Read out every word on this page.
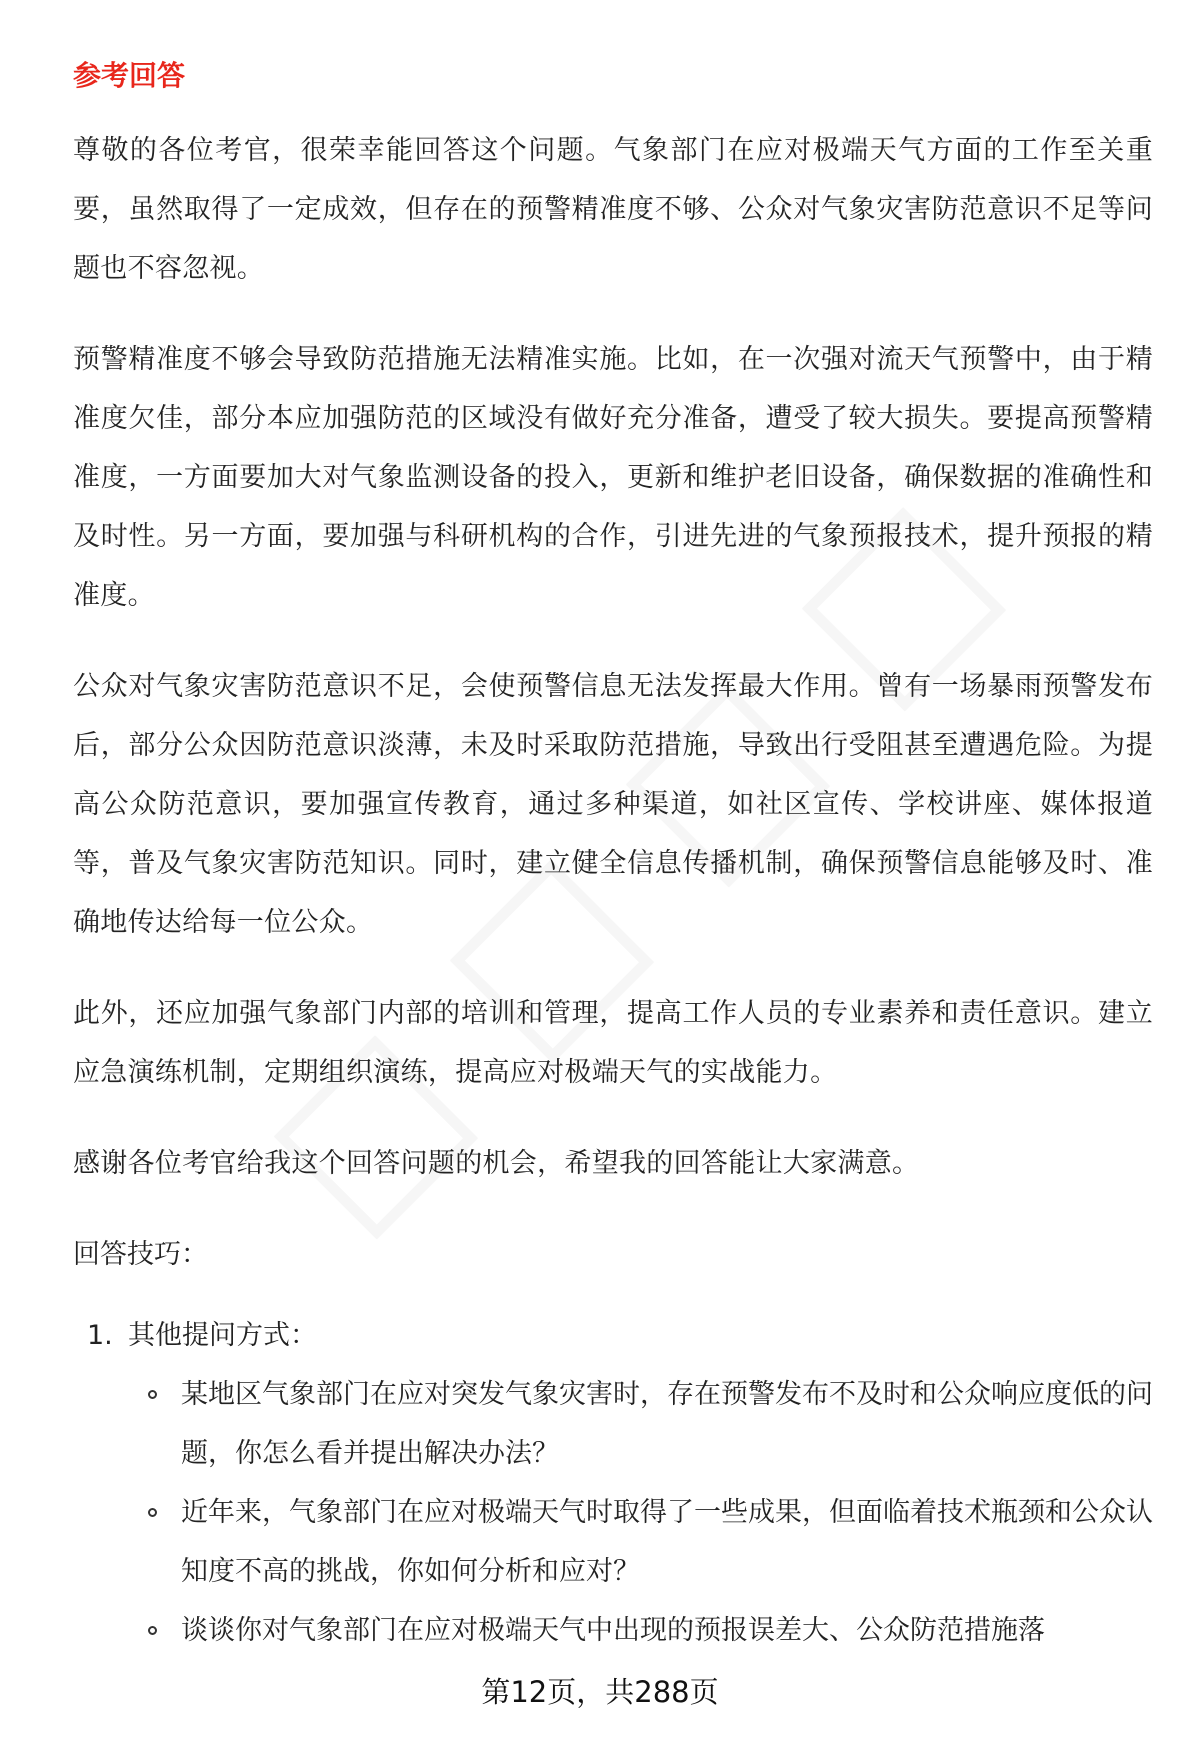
参考回答

尊敬的各位考官，很荣幸能回答这个问题。气象部门在应对极端天气方面的工作至关重要，虽然取得了一定成效，但存在的预警精准度不够、公众对气象灾害防范意识不足等问题也不容忽视。

预警精准度不够会导致防范措施无法精准实施。比如，在一次强对流天气预警中，由于精准度欠佳，部分本应加强防范的区域没有做好充分准备，遭受了较大损失。要提高预警精准度，一方面要加大对气象监测设备的投入，更新和维护老旧设备，确保数据的准确性和及时性。另一方面，要加强与科研机构的合作，引进先进的气象预报技术，提升预报的精准度。

公众对气象灾害防范意识不足，会使预警信息无法发挥最大作用。曾有一场暴雨预警发布后，部分公众因防范意识淡薄，未及时采取防范措施，导致出行受阻甚至遭遇危险。为提高公众防范意识，要加强宣传教育，通过多种渠道，如社区宣传、学校讲座、媒体报道等，普及气象灾害防范知识。同时，建立健全信息传播机制，确保预警信息能够及时、准确地传达给每一位公众。

此外，还应加强气象部门内部的培训和管理，提高工作人员的专业素养和责任意识。建立应急演练机制，定期组织演练，提高应对极端天气的实战能力。

感谢各位考官给我这个回答问题的机会，希望我的回答能让大家满意。

回答技巧：
1. 其他提问方式：
某地区气象部门在应对突发气象灾害时，存在预警发布不及时和公众响应度低的问题，你怎么看并提出解决办法？
近年来，气象部门在应对极端天气时取得了一些成果，但面临着技术瓶颈和公众认知度不高的挑战，你如何分析和应对？
谈谈你对气象部门在应对极端天气中出现的预报误差大、公众防范措施落
第12页，共288页
